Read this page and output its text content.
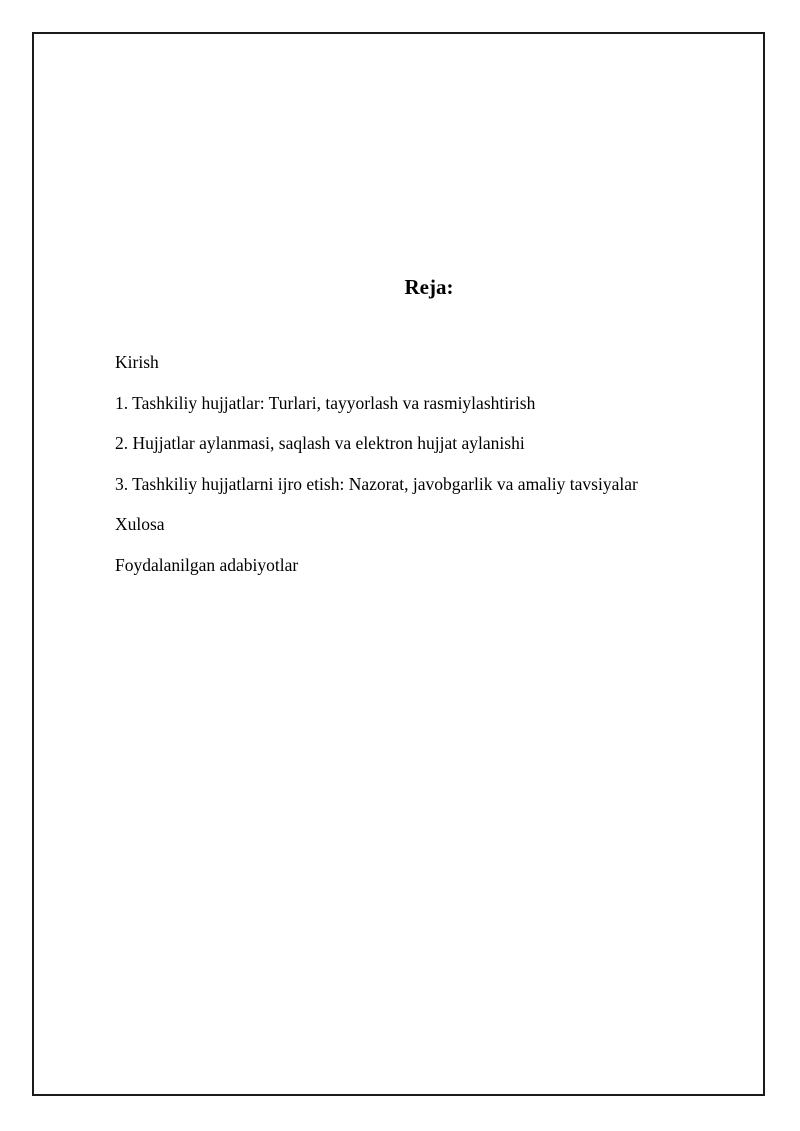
Reja:
Kirish
1. Tashkiliy hujjatlar: Turlari, tayyorlash va rasmiylashtirish
2. Hujjatlar aylanmasi, saqlash va elektron hujjat aylanishi
3. Tashkiliy hujjatlarni ijro etish: Nazorat, javobgarlik va amaliy tavsiyalar
Xulosa
Foydalanilgan adabiyotlar
